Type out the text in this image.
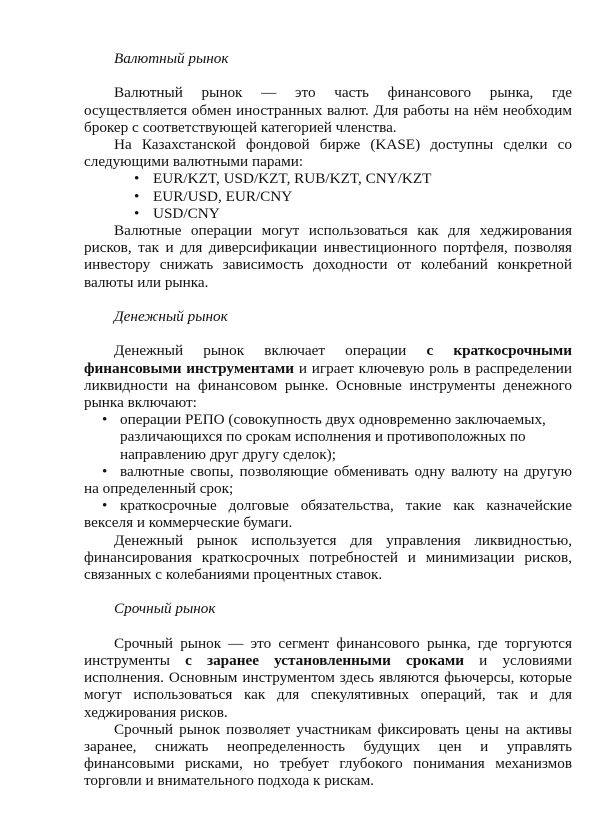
Валютный рынок

Валютный рынок — это часть финансового рынка, где осуществляется обмен иностранных валют. Для работы на нём необходим брокер с соответствующей категорией членства.

На Казахстанской фондовой бирже (KASE) доступны сделки со следующими валютными парами:

• EUR/KZT, USD/KZT, RUB/KZT, CNY/KZT
• EUR/USD, EUR/CNY
• USD/CNY

Валютные операции могут использоваться как для хеджирования рисков, так и для диверсификации инвестиционного портфеля, позволяя инвестору снижать зависимость доходности от колебаний конкретной валюты или рынка.

Денежный рынок

Денежный рынок включает операции с краткосрочными финансовыми инструментами и играет ключевую роль в распределении ликвидности на финансовом рынке. Основные инструменты денежного рынка включают:

• операции РЕПО (совокупность двух одновременно заключаемых, различающихся по срокам исполнения и противоположных по направлению друг другу сделок);
• валютные свопы, позволяющие обменивать одну валюту на другую на определенный срок;
• краткосрочные долговые обязательства, такие как казначейские векселя и коммерческие бумаги.

Денежный рынок используется для управления ликвидностью, финансирования краткосрочных потребностей и минимизации рисков, связанных с колебаниями процентных ставок.

Срочный рынок

Срочный рынок — это сегмент финансового рынка, где торгуются инструменты с заранее установленными сроками и условиями исполнения. Основным инструментом здесь являются фьючерсы, которые могут использоваться как для спекулятивных операций, так и для хеджирования рисков.

Срочный рынок позволяет участникам фиксировать цены на активы заранее, снижать неопределенность будущих цен и управлять финансовыми рисками, но требует глубокого понимания механизмов торговли и внимательного подхода к рискам.
